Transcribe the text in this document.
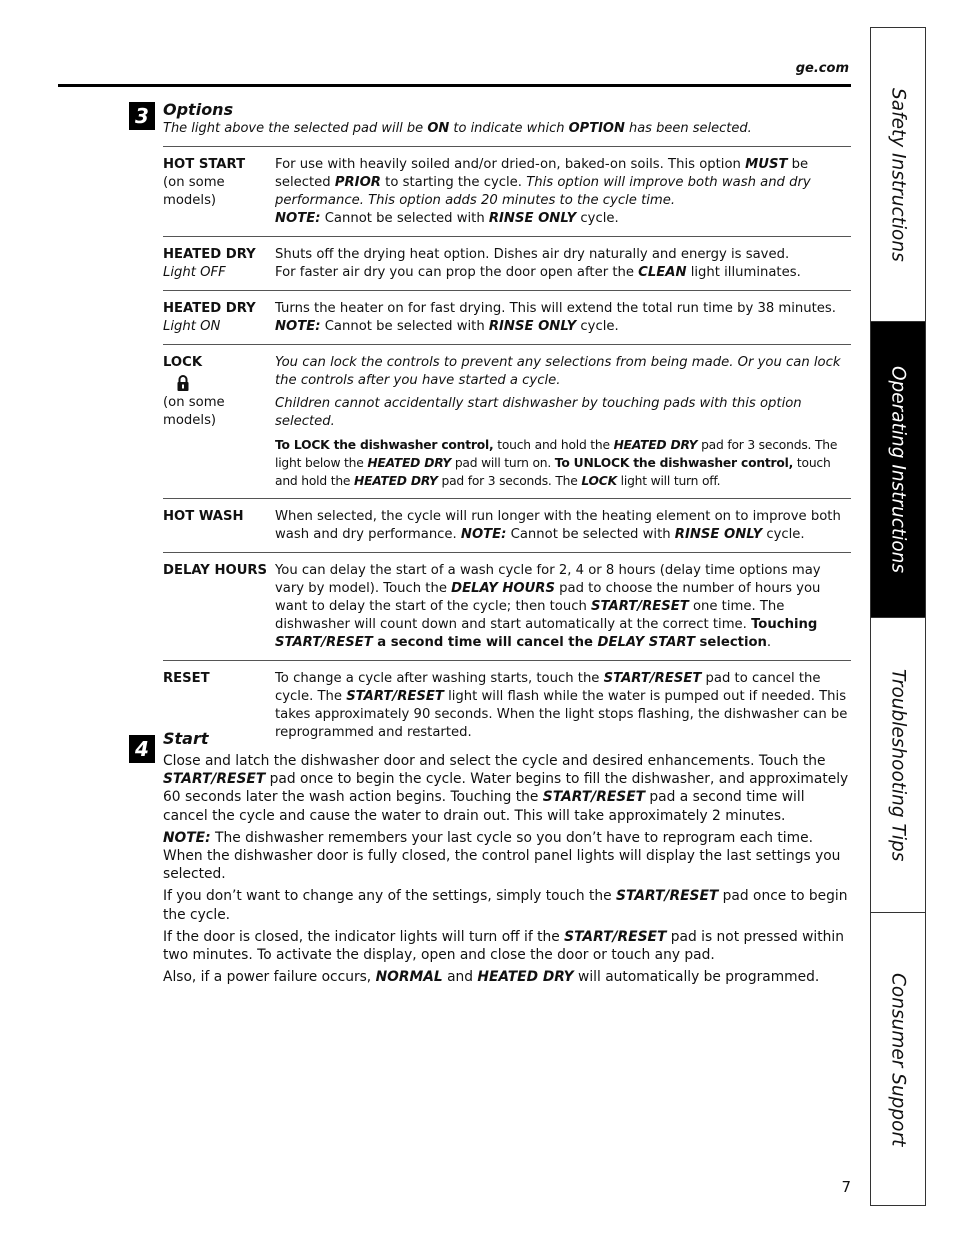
ge.com
3 Options
The light above the selected pad will be ON to indicate which OPTION has been selected.
HOT START
(on some models)
For use with heavily soiled and/or dried-on, baked-on soils. This option MUST be selected PRIOR to starting the cycle. This option will improve both wash and dry performance. This option adds 20 minutes to the cycle time.
NOTE: Cannot be selected with RINSE ONLY cycle.
HEATED DRY
Light OFF
Shuts off the drying heat option. Dishes air dry naturally and energy is saved.
For faster air dry you can prop the door open after the CLEAN light illuminates.
HEATED DRY
Light ON
Turns the heater on for fast drying. This will extend the total run time by 38 minutes.
NOTE: Cannot be selected with RINSE ONLY cycle.
LOCK
(on some models)

You can lock the controls to prevent any selections from being made. Or you can lock the controls after you have started a cycle.

Children cannot accidentally start dishwasher by touching pads with this option selected.

To LOCK the dishwasher control, touch and hold the HEATED DRY pad for 3 seconds. The light below the HEATED DRY pad will turn on. To UNLOCK the dishwasher control, touch and hold the HEATED DRY pad for 3 seconds. The LOCK light will turn off.

HOT WASH	When selected, the cycle will run longer with the heating element on to improve both wash and dry performance. NOTE: Cannot be selected with RINSE ONLY cycle.
DELAY HOURS You can delay the start of a wash cycle for 2, 4 or 8 hours (delay time options may vary by model). Touch the DELAY HOURS pad to choose the number of hours you want to delay the start of the cycle; then touch START/RESET one time. The dishwasher will count down and start automatically at the correct time. Touching START/RESET a second time will cancel the DELAY START selection.
RESET	To change a cycle after washing starts, touch the START/RESET pad to cancel the cycle. The START/RESET light will flash while the water is pumped out if needed. This takes approximately 90 seconds. When the light stops flashing, the dishwasher can be reprogrammed and restarted.
4 Start

Close and latch the dishwasher door and select the cycle and desired enhancements. Touch the START/RESET pad once to begin the cycle. Water begins to fill the dishwasher, and approximately 60 seconds later the wash action begins. Touching the START/RESET pad a second time will cancel the cycle and cause the water to drain out. This will take approximately 2 minutes.

NOTE: The dishwasher remembers your last cycle so you don’t have to reprogram each time. When the dishwasher door is fully closed, the control panel lights will display the last settings you selected.

If you don’t want to change any of the settings, simply touch the START/RESET pad once to begin the cycle.

If the door is closed, the indicator lights will turn off if the START/RESET pad is not pressed within two minutes. To activate the display, open and close the door or touch any pad.

Also, if a power failure occurs, NORMAL and HEATED DRY will automatically be programmed.

Safety Instructions
Operating Instructions
Troubleshooting Tips
Consumer Support
7
